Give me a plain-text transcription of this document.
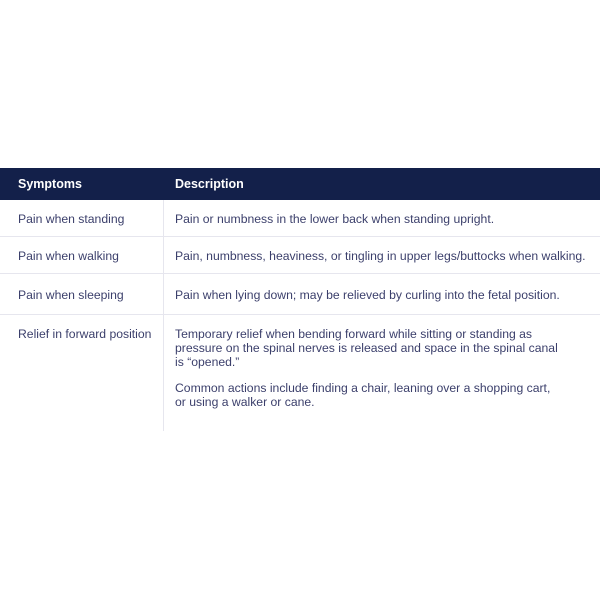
Symptoms	Description
Pain when standing	Pain or numbness in the lower back when standing upright.
Pain when walking	Pain, numbness, heaviness, or tingling in upper legs/buttocks when walking.
Pain when sleeping	Pain when lying down; may be relieved by curling into the fetal position.
Relief in forward position	Temporary relief when bending forward while sitting or standing as
pressure on the spinal nerves is released and space in the spinal canal
is “opened.”

Common actions include finding a chair, leaning over a shopping cart,
or using a walker or cane.
